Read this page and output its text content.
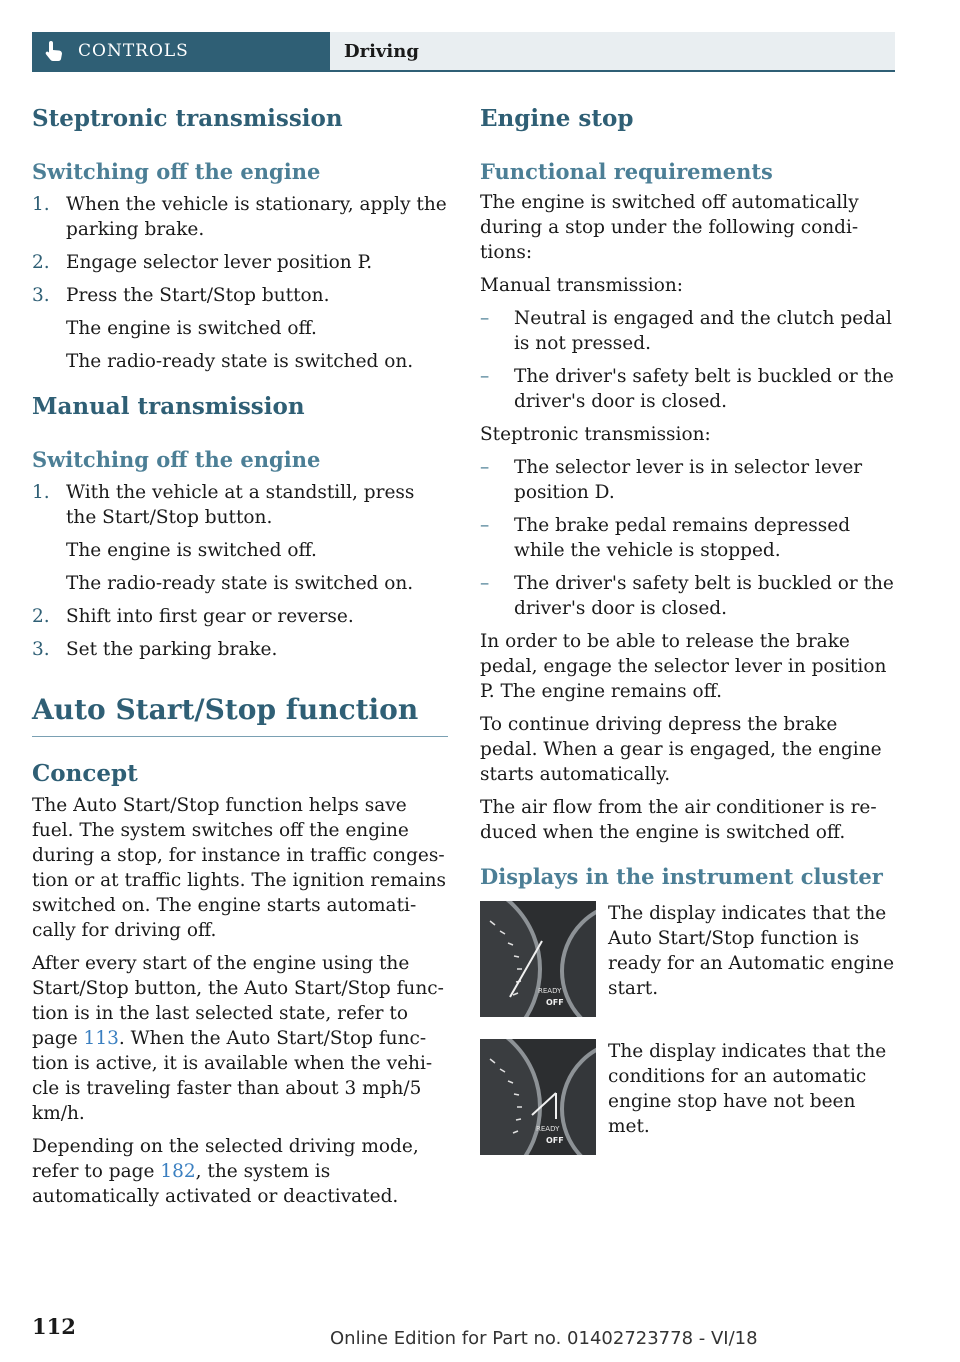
CONTROLS	Driving
Steptronic transmission
Switching off the engine
1. When the vehicle is stationary, apply the parking brake.
2. Engage selector lever position P.
3. Press the Start/Stop button.
The engine is switched off.
The radio-ready state is switched on.
Manual transmission
Switching off the engine
1. With the vehicle at a standstill, press the Start/Stop button.
The engine is switched off.
The radio-ready state is switched on.
2. Shift into first gear or reverse.
3. Set the parking brake.
Auto Start/Stop function
Concept

The Auto Start/Stop function helps save fuel. The system switches off the engine during a stop, for instance in traffic congestion or at traffic lights. The ignition remains switched on. The engine starts automatically for driving off.

After every start of the engine using the Start/Stop button, the Auto Start/Stop function is in the last selected state, refer to page 113. When the Auto Start/Stop function is active, it is available when the vehicle is traveling faster than about 3 mph/5 km/h.

Depending on the selected driving mode, refer to page 182, the system is automatically activated or deactivated.

Engine stop
Functional requirements

The engine is switched off automatically during a stop under the following conditions:

Manual transmission:

–	Neutral is engaged and the clutch pedal is not pressed.
–	The driver's safety belt is buckled or the driver's door is closed.

Steptronic transmission:

–	The selector lever is in selector lever position D.
–	The brake pedal remains depressed while the vehicle is stopped.
–	The driver's safety belt is buckled or the driver's door is closed.

In order to be able to release the brake pedal, engage the selector lever in position P. The engine remains off.

To continue driving depress the brake pedal. When a gear is engaged, the engine starts automatically.

The air flow from the air conditioner is reduced when the engine is switched off.

Displays in the instrument cluster
READY
OFF
The display indicates that the Auto Start/Stop function is ready for an Automatic engine start.
READY
OFF
The display indicates that the conditions for an automatic engine stop have not been met.
112	Online Edition for Part no. 01402723778 - VI/18
